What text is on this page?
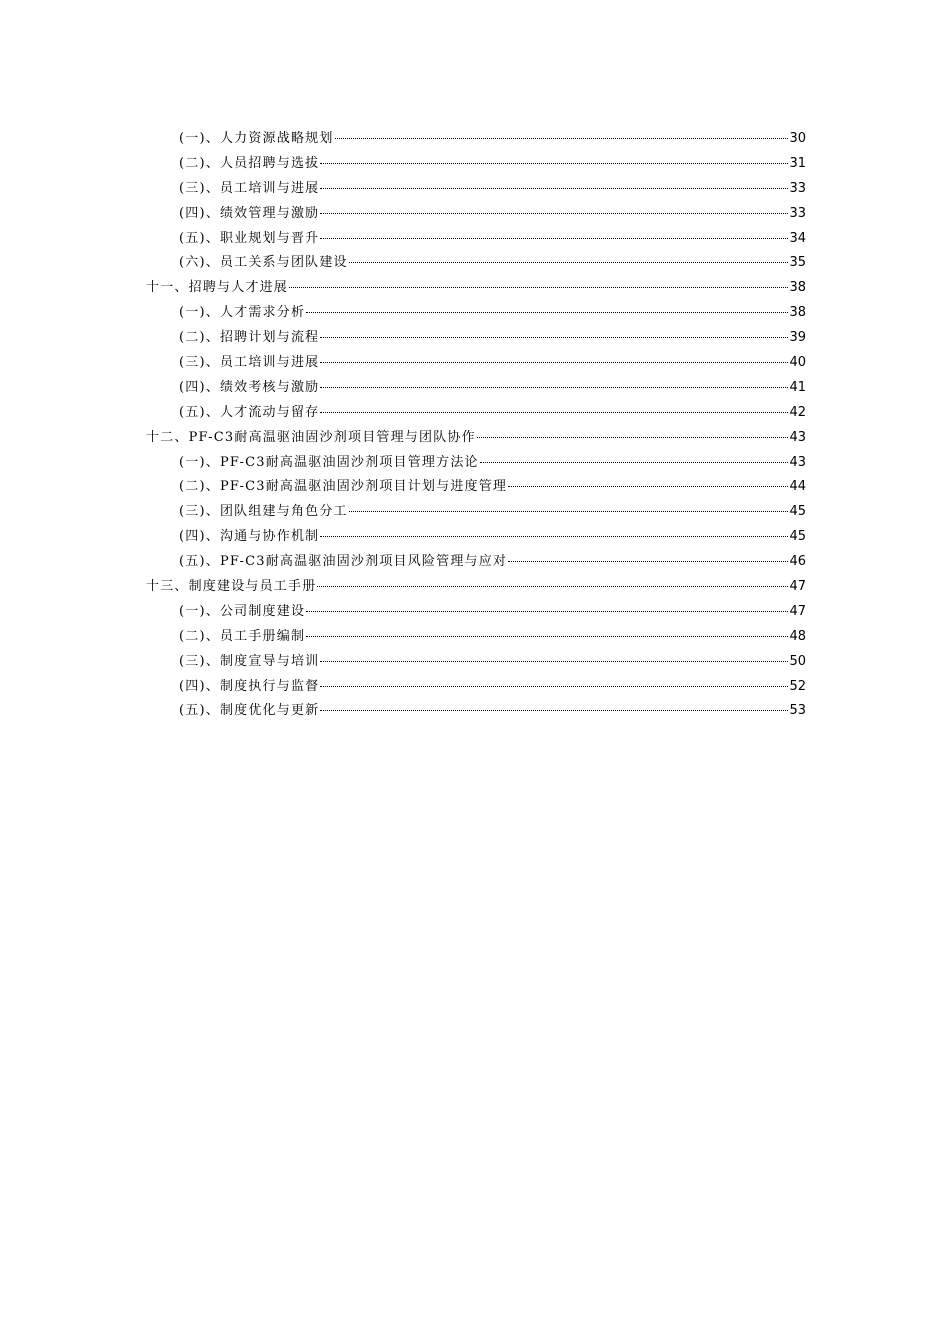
(一)、人力资源战略规划	30
(二)、人员招聘与选拔	31
(三)、员工培训与进展	33
(四)、绩效管理与激励	33
(五)、职业规划与晋升	34
(六)、员工关系与团队建设	35
十一、招聘与人才进展	38
(一)、人才需求分析	38
(二)、招聘计划与流程	39
(三)、员工培训与进展	40
(四)、绩效考核与激励	41
(五)、人才流动与留存	42
十二、PF-C3耐高温驱油固沙剂项目管理与团队协作	43
(一)、PF-C3耐高温驱油固沙剂项目管理方法论	43
(二)、PF-C3耐高温驱油固沙剂项目计划与进度管理	44
(三)、团队组建与角色分工	45
(四)、沟通与协作机制	45
(五)、PF-C3耐高温驱油固沙剂项目风险管理与应对	46
十三、制度建设与员工手册	47
(一)、公司制度建设	47
(二)、员工手册编制	48
(三)、制度宣导与培训	50
(四)、制度执行与监督	52
(五)、制度优化与更新	53
